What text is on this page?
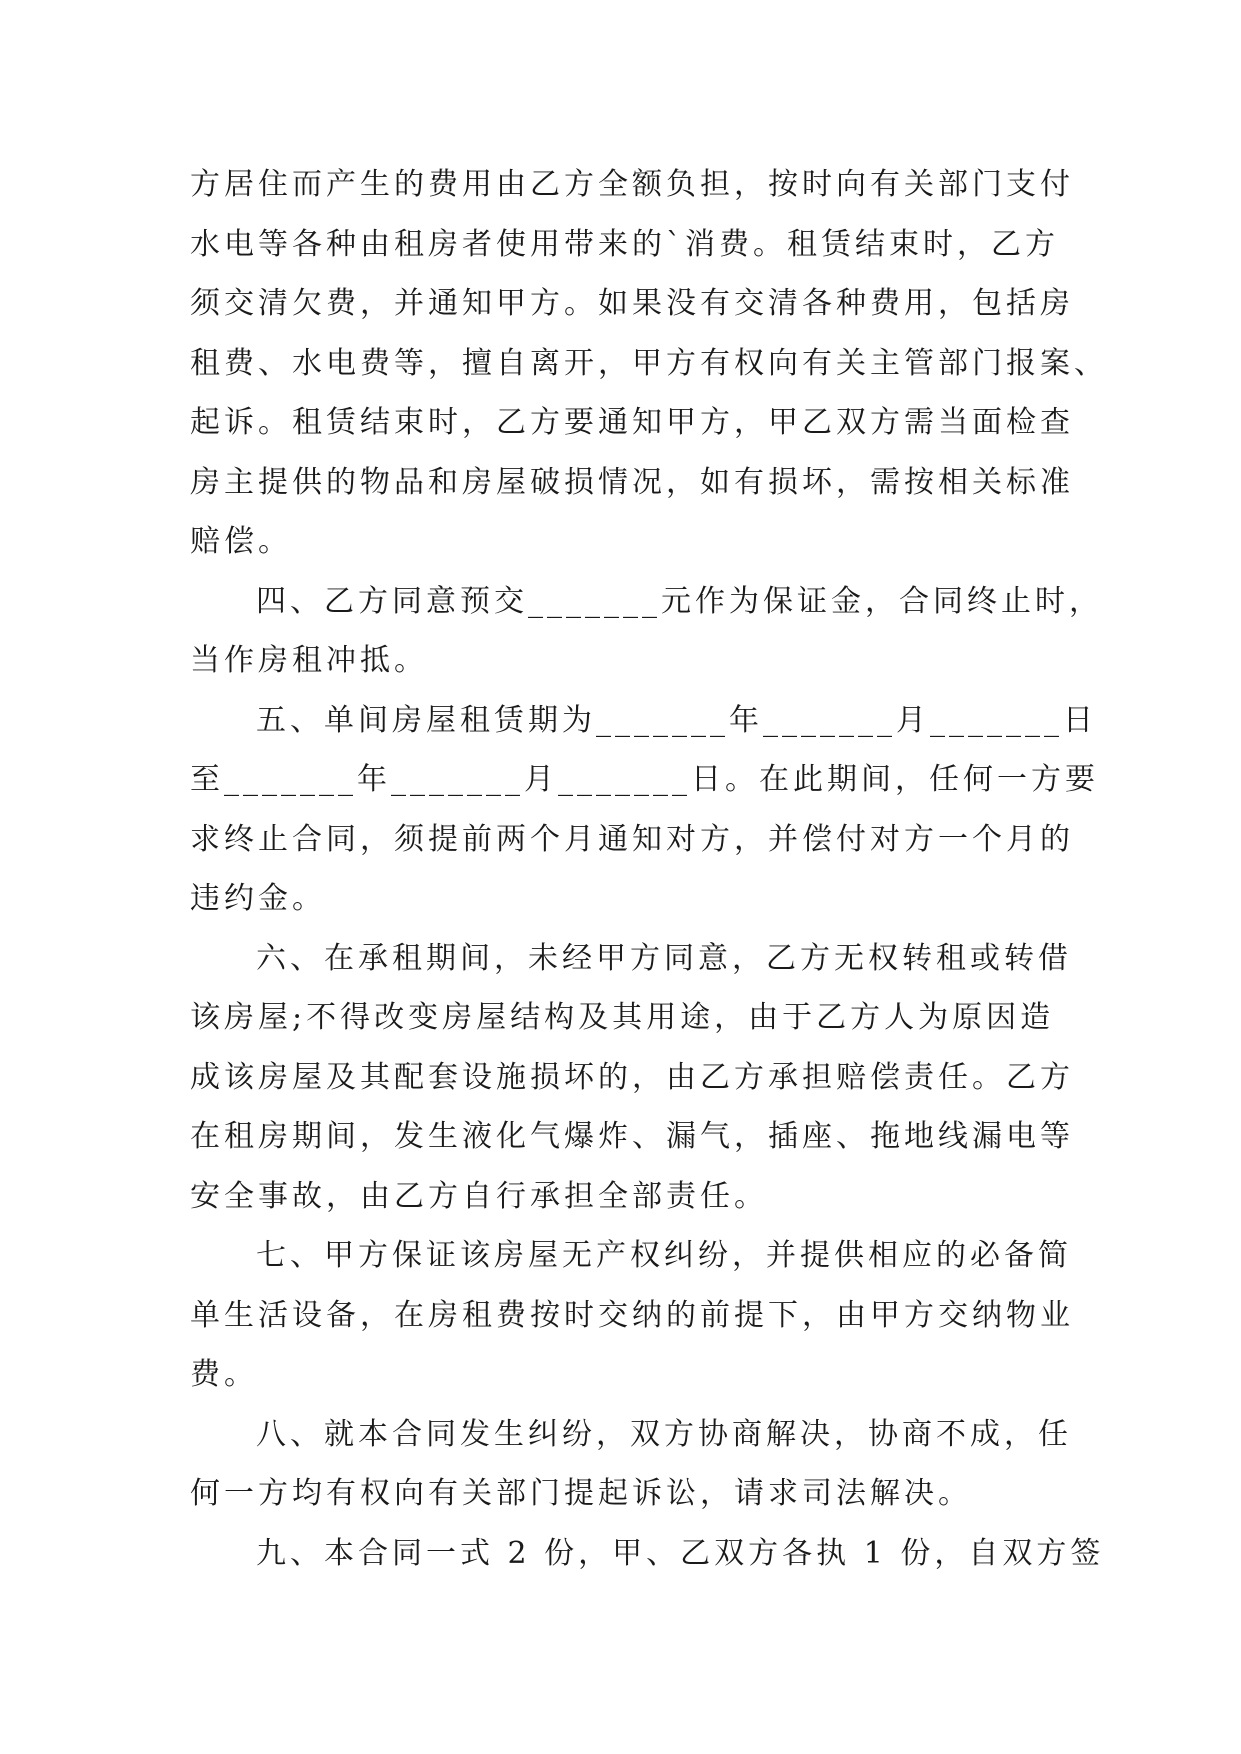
方居住而产生的费用由乙方全额负担，按时向有关部门支付
水电等各种由租房者使用带来的`消费。租赁结束时，乙方
须交清欠费，并通知甲方。如果没有交清各种费用，包括房
租费、水电费等，擅自离开，甲方有权向有关主管部门报案、
起诉。租赁结束时，乙方要通知甲方，甲乙双方需当面检查
房主提供的物品和房屋破损情况，如有损坏，需按相关标准
赔偿。

四、乙方同意预交_______元作为保证金，合同终止时，
当作房租冲抵。

五、单间房屋租赁期为_______年_______月_______日
至_______年_______月_______日。在此期间，任何一方要
求终止合同，须提前两个月通知对方，并偿付对方一个月的
违约金。

六、在承租期间，未经甲方同意，乙方无权转租或转借
该房屋;不得改变房屋结构及其用途，由于乙方人为原因造
成该房屋及其配套设施损坏的，由乙方承担赔偿责任。乙方
在租房期间，发生液化气爆炸、漏气，插座、拖地线漏电等
安全事故，由乙方自行承担全部责任。

七、甲方保证该房屋无产权纠纷，并提供相应的必备简
单生活设备，在房租费按时交纳的前提下，由甲方交纳物业
费。

八、就本合同发生纠纷，双方协商解决，协商不成，任
何一方均有权向有关部门提起诉讼，请求司法解决。

九、本合同一式 2 份，甲、乙双方各执 1 份，自双方签
